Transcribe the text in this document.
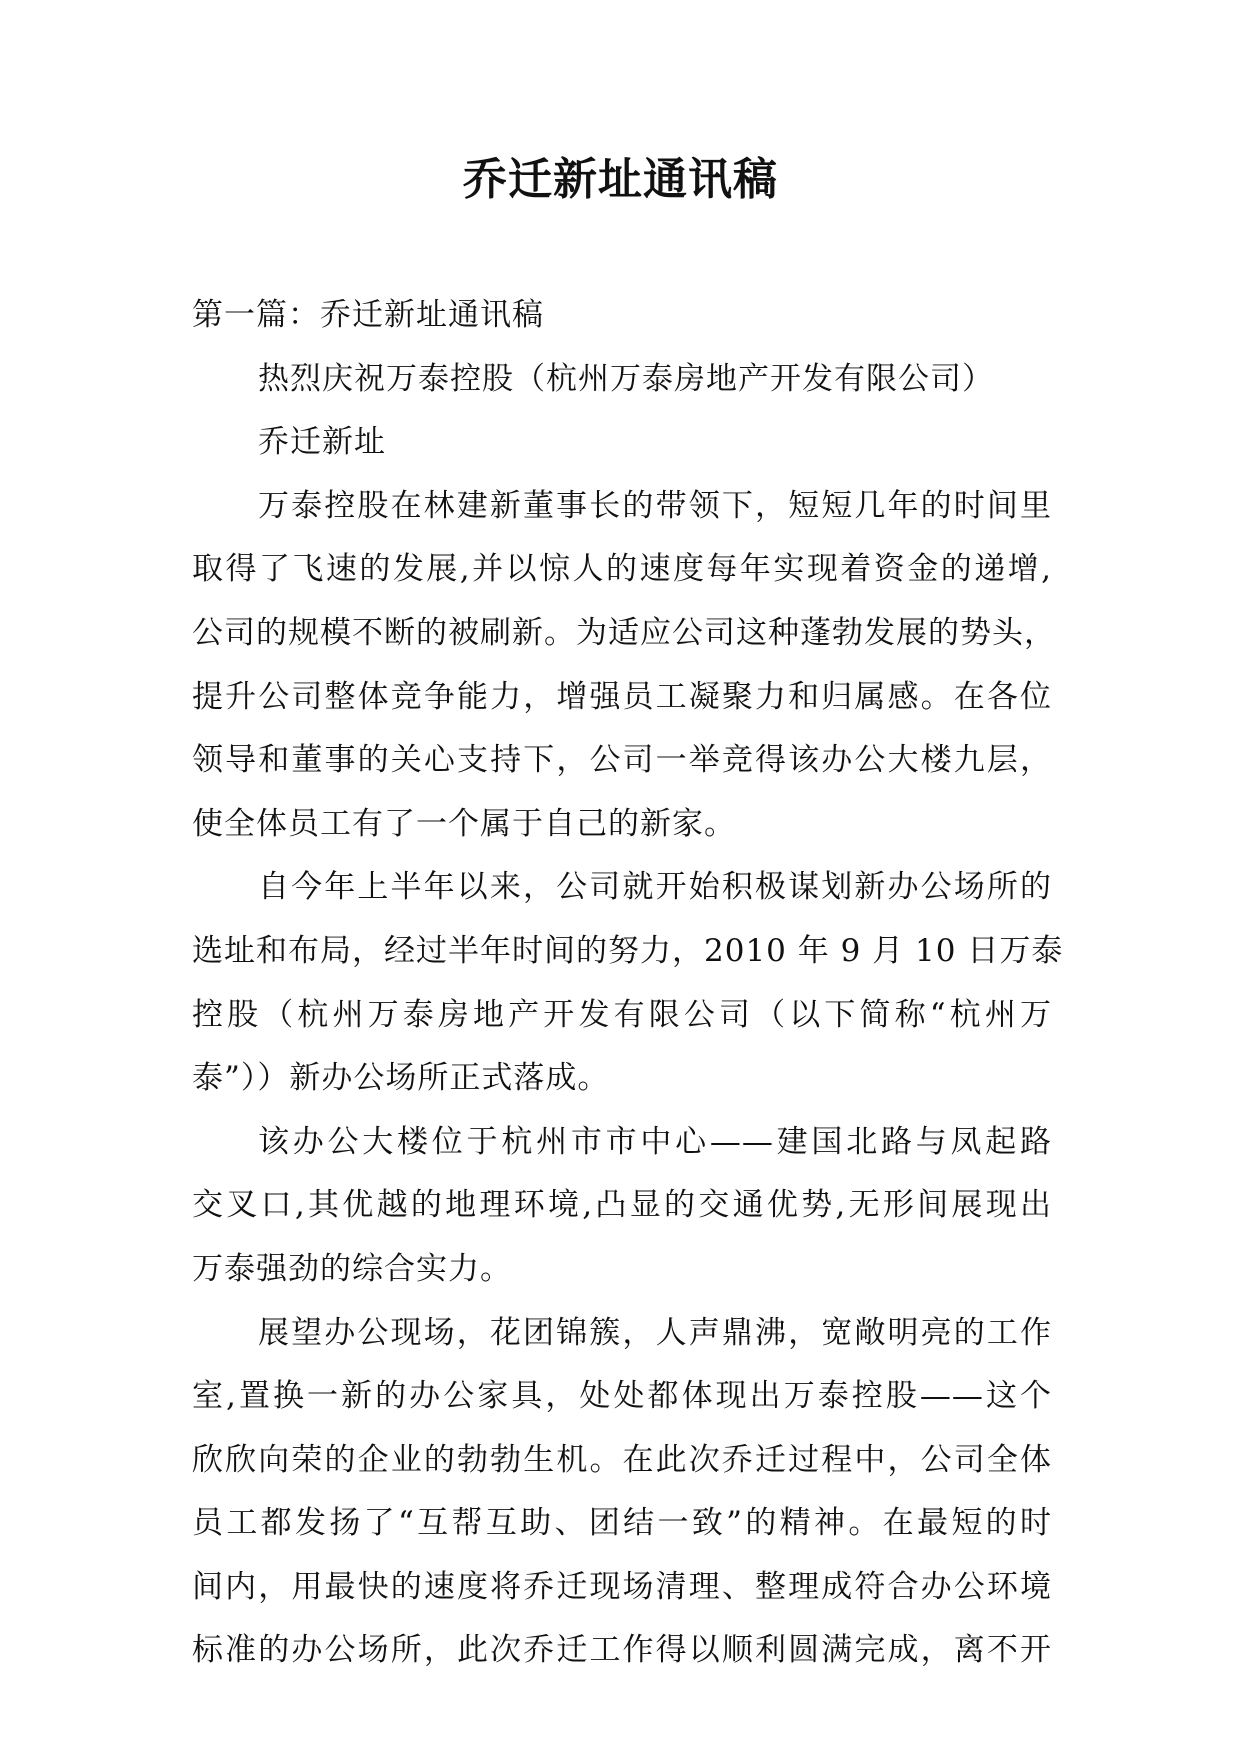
乔迁新址通讯稿
第一篇：乔迁新址通讯稿
热烈庆祝万泰控股（杭州万泰房地产开发有限公司）
乔迁新址
万泰控股在林建新董事长的带领下，短短几年的时间里
取得了飞速的发展,并以惊人的速度每年实现着资金的递增,
公司的规模不断的被刷新。为适应公司这种蓬勃发展的势头，
提升公司整体竞争能力，增强员工凝聚力和归属感。在各位
领导和董事的关心支持下，公司一举竞得该办公大楼九层，
使全体员工有了一个属于自己的新家。
自今年上半年以来，公司就开始积极谋划新办公场所的
选址和布局，经过半年时间的努力，2010 年 9 月 10 日万泰
控股（杭州万泰房地产开发有限公司（以下简称“杭州万
泰”））新办公场所正式落成。
该办公大楼位于杭州市市中心——建国北路与凤起路
交叉口,其优越的地理环境,凸显的交通优势,无形间展现出
万泰强劲的综合实力。
展望办公现场，花团锦簇，人声鼎沸，宽敞明亮的工作
室,置换一新的办公家具，处处都体现出万泰控股——这个
欣欣向荣的企业的勃勃生机。在此次乔迁过程中，公司全体
员工都发扬了“互帮互助、团结一致”的精神。在最短的时
间内，用最快的速度将乔迁现场清理、整理成符合办公环境
标准的办公场所，此次乔迁工作得以顺利圆满完成，离不开
